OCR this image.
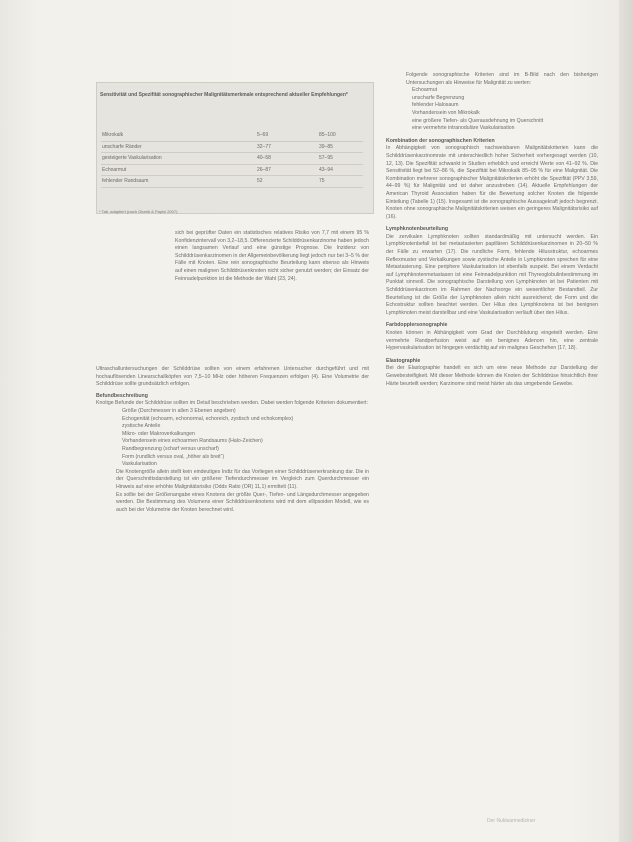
Sensitivität und Spezifität sonographischer Malignitätsmerkmale entsprechend aktueller Empfehlungen*
Mikrokalk	5–69	85–100
unscharfe Ränder	32–77	39–85
gesteigerte Vaskularisation	40–58	57–95
Echoarmut	26–87	43–94
fehlender Randsaum	52	75
* Tab. adaptiert (nach Gharib & Papini 2007)

sich bei geprüfter Daten ein statistisches relatives Risiko von 7,7 mit einem 95 % Konfidenzintervall von 3,2–18,5. Differenzierte Schilddrüsenkarzinome haben jedoch einen langsamen Verlauf und eine günstige Prognose. Die Inzidenz von Schilddrüsenkarzinomen in der Allgemeinbevölkerung liegt jedoch nur bei 3–5 % der Fälle mit Knoten. Eine rein sonographische Beurteilung kann ebenso als Hinweis auf einen malignen Schilddrüsenknoten nicht sicher genutzt werden; der Einsatz der Feinnadelpunktion ist die Methode der Wahl (23, 24).

Ultraschalluntersuchungen der Schilddrüse sollten von einem erfahrenen Untersucher durchgeführt und mit hochauflösenden Linearschallköpfen von 7,5–10 MHz oder höheren Frequenzen erfolgen (4). Eine Volumetrie der Schilddrüse sollte grundsätzlich erfolgen.

Befundbeschreibung

Knotige Befunde der Schilddrüse sollten im Detail beschrieben werden. Dabei werden folgende Kriterien dokumentiert:

Größe (Durchmesser in allen 3 Ebenen angeben)

Echogenität (echoarm, echonormal, echoreich, zystisch und echokomplex)

zystische Anteile

Mikro- oder Makroverkalkungen

Vorhandensein eines echoarmen Randsaums (Halo-Zeichen)

Randbegrenzung (scharf versus unscharf)

Form (rundlich versus oval, „höher als breit“)

Vaskularisation

Die Knotengröße allein stellt kein eindeutiges Indiz für das Vorliegen einer Schilddrüsenerkrankung dar. Die in der Querschnittsdarstellung ist ein größerer Tiefendurchmesser im Vergleich zum Querdurchmesser ein Hinweis auf eine erhöhte Malignitätsrisiko (Odds Ratio (OR) 11,1) ermittelt (11).

Es sollte bei der Größenangabe eines Knotens der größte Quer-, Tiefen- und Längsdurchmesser angegeben werden. Die Bestimmung des Volumens einer Schilddrüsenknotens wird mit dem ellipsoiden Modell, wie es auch bei der Volumetrie der Knoten berechnet wird.

Folgende sonographische Kriterien sind im B-Bild nach den bisherigen Untersuchungen als Hinweise für Malignität zu werten:

Echoarmut

unscharfe Begrenzung

fehlender Halosaum

Vorhandensein von Mikrokalk

eine größere Tiefen- als Querausdehnung im Querschnitt

eine vermehrte intranoduläre Vaskularisation

Kombination der sonographischen Kriterien

In Abhängigkeit von sonographisch nachweisbaren Malignitätskriterien kann die Schilddrüsenkarzinomrate mit unterschiedlich hoher Sicherheit vorhergesagt werden (10, 12, 13). Die Spezifität schwankt in Studien erheblich und erreicht Werte von 41–92 %. Die Sensitivität liegt bei 52–86 %, die Spezifität bei Mikrokalk 85–95 % für eine Malignität. Die Kombination mehrerer sonographischer Malignitätskriterien erhöht die Spezifität (PPV 3,59, 44–99 %) für Malignität und ist daher anzustreben (14). Aktuelle Empfehlungen der American Thyroid Association haben für die Bewertung solcher Knoten die folgende Einteilung (Tabelle 1) (15). Insgesamt ist die sonographische Aussagekraft jedoch begrenzt. Knoten ohne sonographische Malignitätskriterien weisen ein geringeres Malignitätsrisiko auf (16).

Lymphknotenbeurteilung

Die zervikalen Lymphknoten sollten standardmäßig mit untersucht werden. Ein Lymphknotenbefall ist bei metastasierten papillären Schilddrüsenkarzinomen in 20–50 % der Fälle zu erwarten (17). Die rundliche Form, fehlende Hilusstruktur, echoarmes Reflexmuster und Verkalkungen sowie zystische Anteile in Lymphknoten sprechen für eine Metastasierung. Eine periphere Vaskularisation ist ebenfalls suspekt. Bei einem Verdacht auf Lymphknotenmetastasen ist eine Feinnadelpunktion mit Thyreoglobulinbestimmung im Punktat sinnvoll. Die sonographische Darstellung von Lymphknoten ist bei Patienten mit Schilddrüsenkarzinom im Rahmen der Nachsorge ein wesentlicher Bestandteil. Zur Beurteilung ist die Größe der Lymphknoten allein nicht ausreichend; die Form und die Echostruktur sollten beachtet werden. Der Hilus des Lymphknotens ist bei benignen Lymphknoten meist darstellbar und eine Vaskularisation verläuft über den Hilus.

Farbdopplersonographie

Knoten können in Abhängigkeit vom Grad der Durchblutung eingeteilt werden. Eine vermehrte Randperfusion weist auf ein benignes Adenom hin, eine zentrale Hypervaskularisation ist hingegen verdächtig auf ein malignes Geschehen (17, 18).

Elastographie

Bei der Elastographie handelt es sich um eine neue Methode zur Darstellung der Gewebesteifigkeit. Mit dieser Methode können die Knoten der Schilddrüse hinsichtlich ihrer Härte beurteilt werden; Karzinome sind meist härter als das umgebende Gewebe.

Der Nuklearmediziner
